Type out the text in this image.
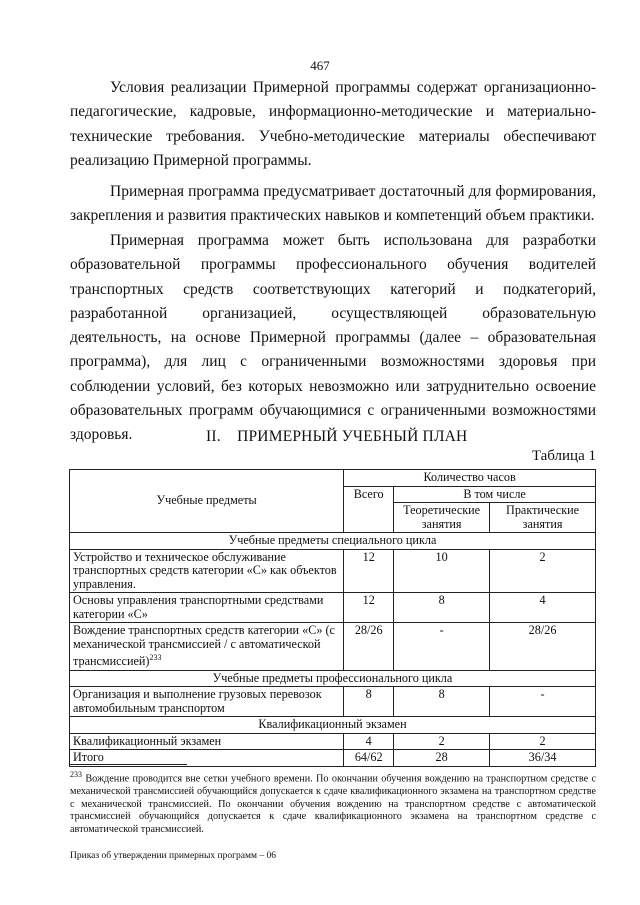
467

Условия реализации Примерной программы содержат организационно-педагогические, кадровые, информационно-методические и материально-технические требования. Учебно-методические материалы обеспечивают реализацию Примерной программы.

Примерная программа предусматривает достаточный для формирования, закрепления и развития практических навыков и компетенций объем практики.

Примерная программа может быть использована для разработки образовательной программы профессионального обучения водителей транспортных средств соответствующих категорий и подкатегорий, разработанной организацией, осуществляющей образовательную деятельность, на основе Примерной программы (далее – образовательная программа), для лиц с ограниченными возможностями здоровья при соблюдении условий, без которых невозможно или затруднительно освоение образовательных программ обучающимися с ограниченными возможностями здоровья.	II.    ПРИМЕРНЫЙ УЧЕБНЫЙ ПЛАН
Таблица 1
Учебные предметы	Количество часов		
	Всего	В том числе	
		Теоретические занятия	Практические занятия
Учебные предметы специального цикла			
Устройство и техническое обслуживание транспортных средств категории «С» как объектов управления.	12	10	2
Основы управления транспортными средствами категории «С»	12	8	4
Вождение транспортных средств категории «С» (с механической трансмиссией / с автоматической трансмиссией)$^{233}$	28/26	-	28/26
Учебные предметы профессионального цикла			
Организация и выполнение грузовых перевозок автомобильным транспортом	8	8	-
Квалификационный экзамен			
Квалификационный экзамен	4	2	2
Итого	64/62	28	36/34
$^{233}$ Вождение проводится вне сетки учебного времени. По окончании обучения вождению на транспортном средстве с механической трансмиссией обучающийся допускается к сдаче квалификационного экзамена на транспортном средстве с механической трансмиссией. По окончании обучения вождению на транспортном средстве с автоматической трансмиссией обучающийся допускается к сдаче квалификационного экзамена на транспортном средстве с автоматической трансмиссией.
Приказ об утверждении примерных программ – 06
